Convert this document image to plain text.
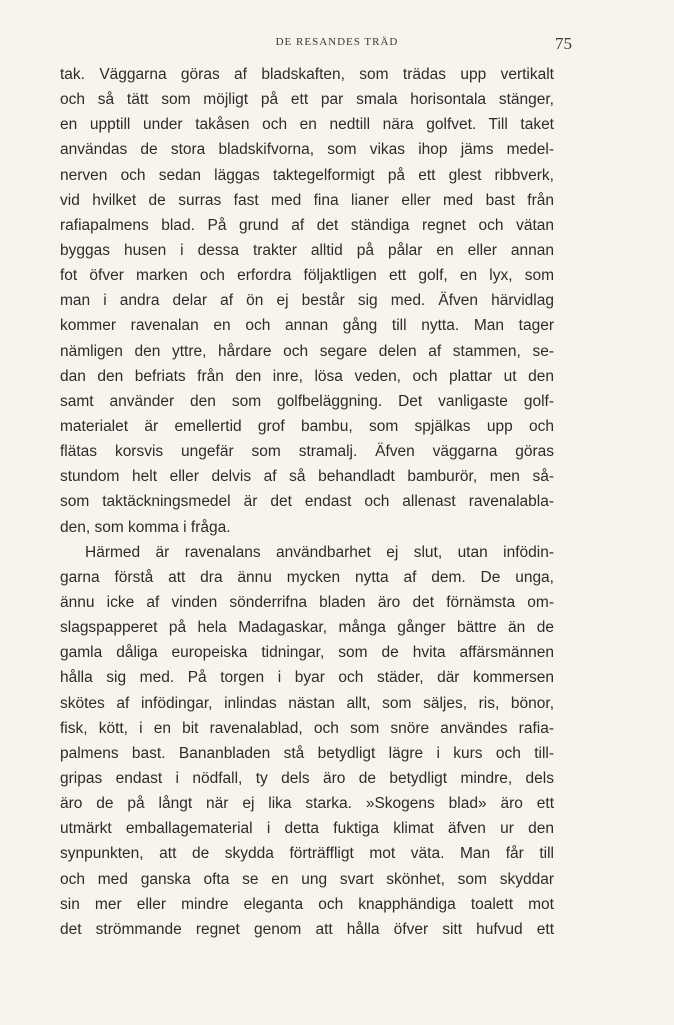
DE RESANDES TRÄD	75
tak. Väggarna göras af bladskaften, som trädas upp vertikalt
och så tätt som möjligt på ett par smala horisontala stänger,
en upptill under takåsen och en nedtill nära golfvet. Till taket
användas de stora bladskifvorna, som vikas ihop jäms medel-
nerven och sedan läggas taktegelformigt på ett glest ribbverk,
vid hvilket de surras fast med fina lianer eller med bast från
rafiapalmens blad. På grund af det ständiga regnet och vätan
byggas husen i dessa trakter alltid på pålar en eller annan
fot öfver marken och erfordra följaktligen ett golf, en lyx, som
man i andra delar af ön ej består sig med. Äfven härvidlag
kommer ravenalan en och annan gång till nytta. Man tager
nämligen den yttre, hårdare och segare delen af stammen, se-
dan den befriats från den inre, lösa veden, och plattar ut den
samt använder den som golfbeläggning. Det vanligaste golf-
materialet är emellertid grof bambu, som spjälkas upp och
flätas korsvis ungefär som stramalj. Äfven väggarna göras
stundom helt eller delvis af så behandladt bamburör, men så-
som taktäckningsmedel är det endast och allenast ravenalabla-
den, som komma i fråga.
Härmed är ravenalans användbarhet ej slut, utan infödin-
garna förstå att dra ännu mycken nytta af dem. De unga,
ännu icke af vinden sönderrifna bladen äro det förnämsta om-
slagspapperet på hela Madagaskar, många gånger bättre än de
gamla dåliga europeiska tidningar, som de hvita affärsmännen
hålla sig med. På torgen i byar och städer, där kommersen
skötes af infödingar, inlindas nästan allt, som säljes, ris, bönor,
fisk, kött, i en bit ravenalablad, och som snöre användes rafia-
palmens bast. Bananbladen stå betydligt lägre i kurs och till-
gripas endast i nödfall, ty dels äro de betydligt mindre, dels
äro de på långt när ej lika starka. »Skogens blad» äro ett
utmärkt emballagematerial i detta fuktiga klimat äfven ur den
synpunkten, att de skydda förträffligt mot väta. Man får till
och med ganska ofta se en ung svart skönhet, som skyddar
sin mer eller mindre eleganta och knapphändiga toalett mot
det strömmande regnet genom att hålla öfver sitt hufvud ett
